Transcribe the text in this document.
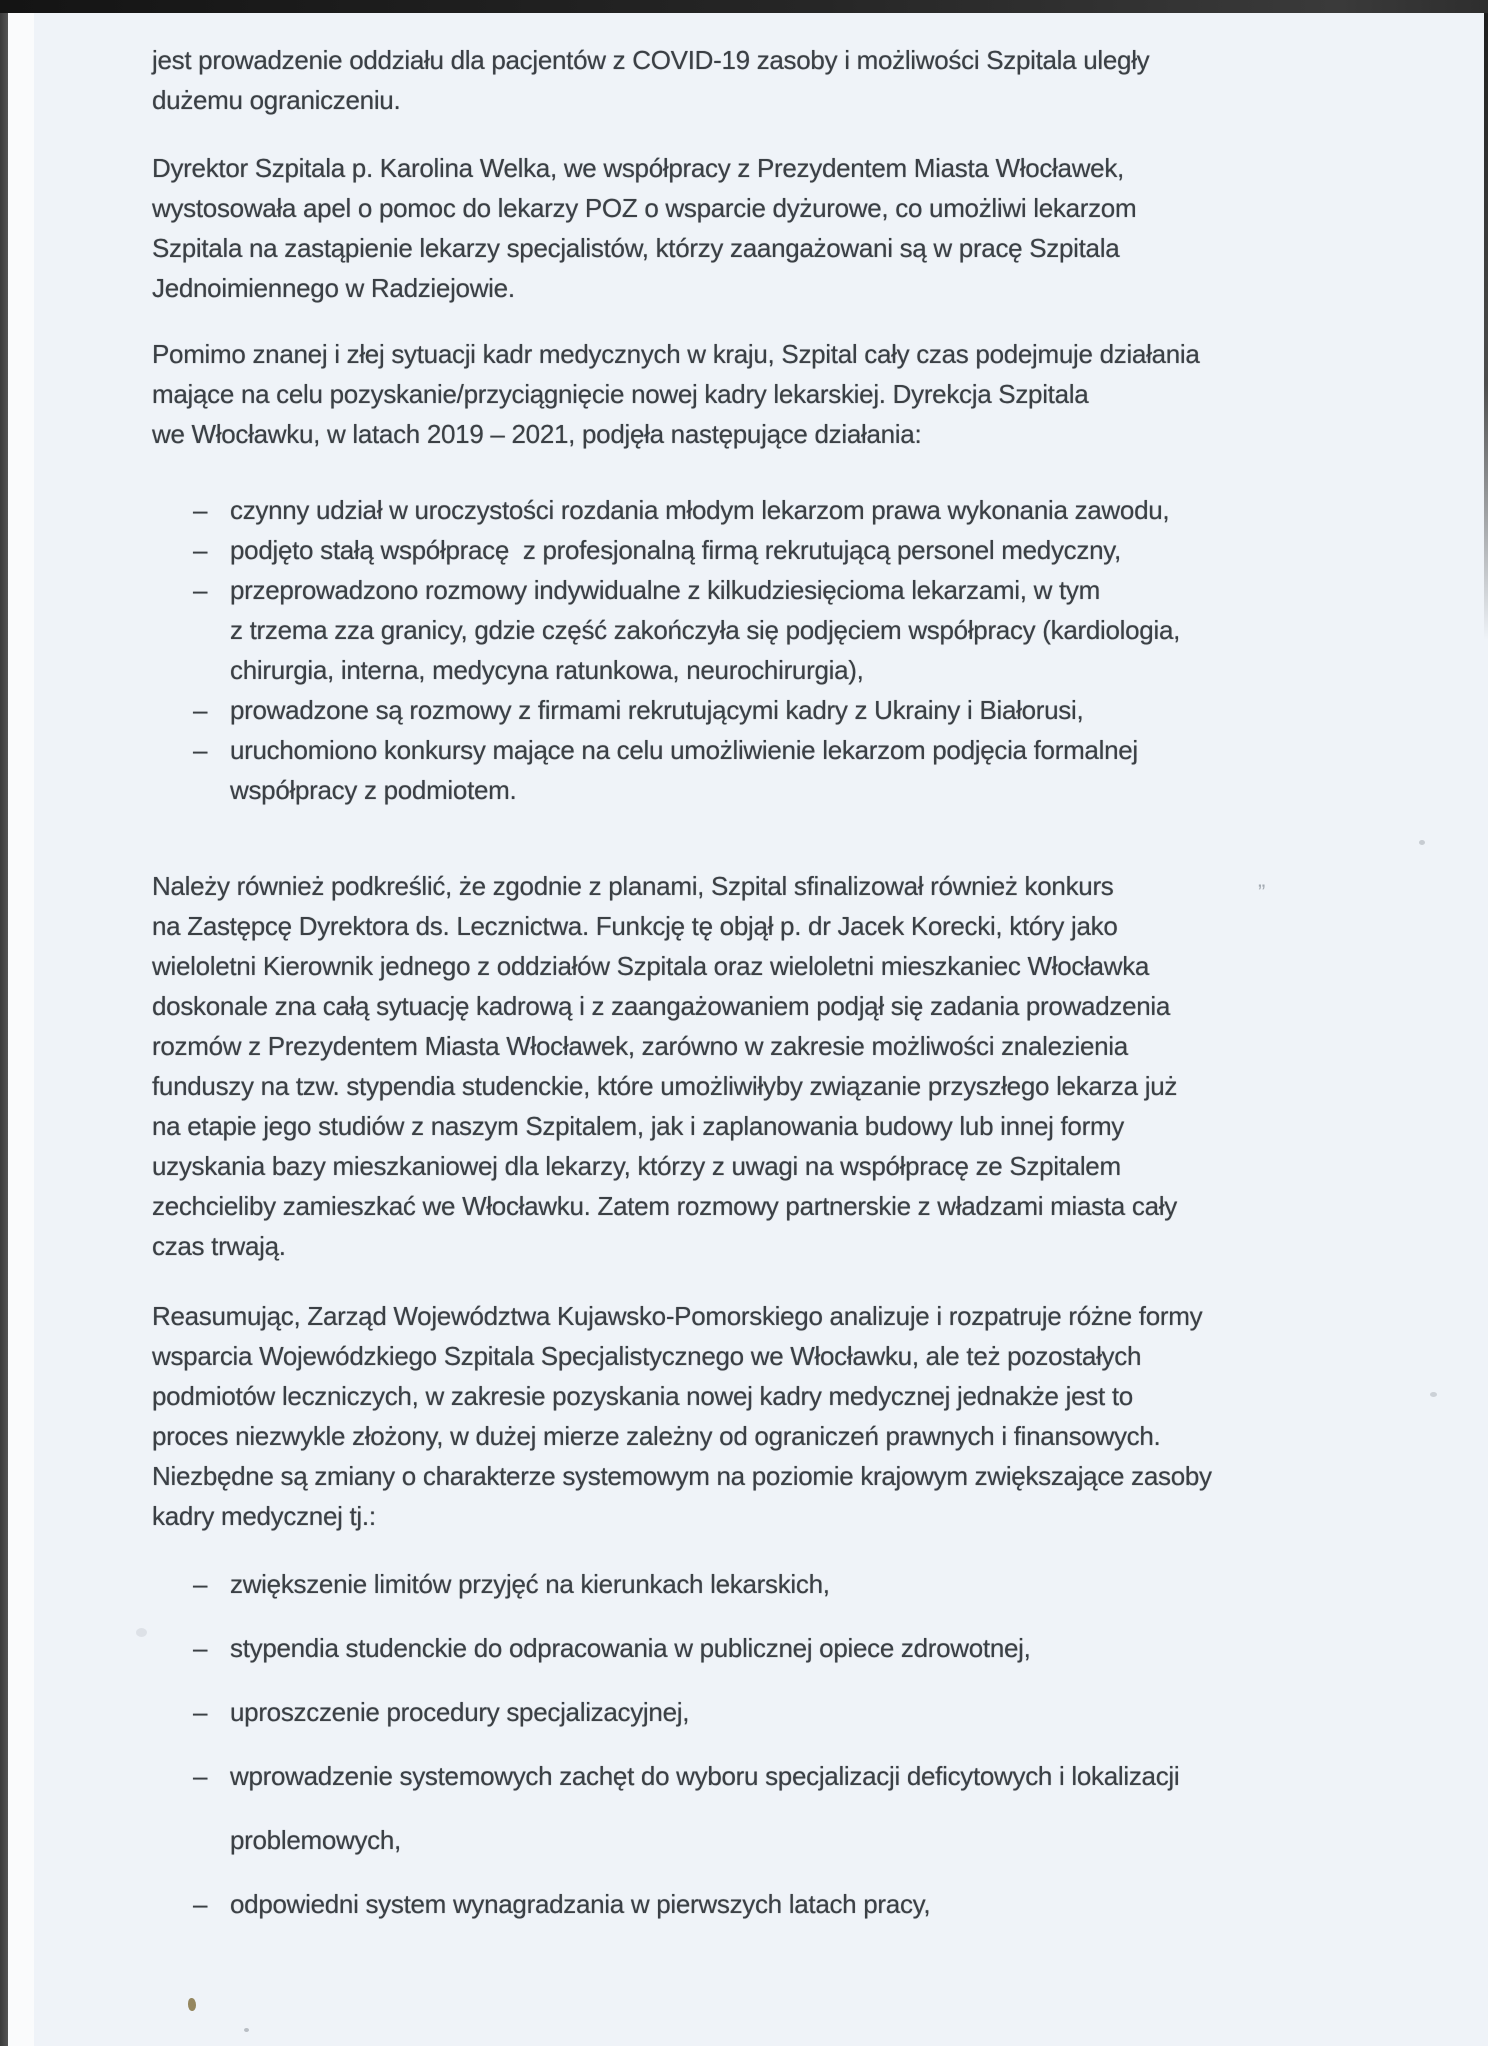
jest prowadzenie oddziału dla pacjentów z COVID-19 zasoby i możliwości Szpitala uległy
dużemu ograniczeniu.

Dyrektor Szpitala p. Karolina Welka, we współpracy z Prezydentem Miasta Włocławek,
wystosowała apel o pomoc do lekarzy POZ o wsparcie dyżurowe, co umożliwi lekarzom
Szpitala na zastąpienie lekarzy specjalistów, którzy zaangażowani są w pracę Szpitala
Jednoimiennego w Radziejowie.

Pomimo znanej i złej sytuacji kadr medycznych w kraju, Szpital cały czas podejmuje działania
mające na celu pozyskanie/przyciągnięcie nowej kadry lekarskiej. Dyrekcja Szpitala
we Włocławku, w latach 2019 – 2021, podjęła następujące działania:

– czynny udział w uroczystości rozdania młodym lekarzom prawa wykonania zawodu,
– podjęto stałą współpracę  z profesjonalną firmą rekrutującą personel medyczny,
– przeprowadzono rozmowy indywidualne z kilkudziesięcioma lekarzami, w tym
z trzema zza granicy, gdzie część zakończyła się podjęciem współpracy (kardiologia,
chirurgia, interna, medycyna ratunkowa, neurochirurgia),
– prowadzone są rozmowy z firmami rekrutującymi kadry z Ukrainy i Białorusi,
– uruchomiono konkursy mające na celu umożliwienie lekarzom podjęcia formalnej
współpracy z podmiotem.

Należy również podkreślić, że zgodnie z planami, Szpital sfinalizował również konkurs
na Zastępcę Dyrektora ds. Lecznictwa. Funkcję tę objął p. dr Jacek Korecki, który jako
wieloletni Kierownik jednego z oddziałów Szpitala oraz wieloletni mieszkaniec Włocławka
doskonale zna całą sytuację kadrową i z zaangażowaniem podjął się zadania prowadzenia
rozmów z Prezydentem Miasta Włocławek, zarówno w zakresie możliwości znalezienia
funduszy na tzw. stypendia studenckie, które umożliwiłyby związanie przyszłego lekarza już
na etapie jego studiów z naszym Szpitalem, jak i zaplanowania budowy lub innej formy
uzyskania bazy mieszkaniowej dla lekarzy, którzy z uwagi na współpracę ze Szpitalem
zechcieliby zamieszkać we Włocławku. Zatem rozmowy partnerskie z władzami miasta cały
czas trwają.

Reasumując, Zarząd Województwa Kujawsko-Pomorskiego analizuje i rozpatruje różne formy
wsparcia Wojewódzkiego Szpitala Specjalistycznego we Włocławku, ale też pozostałych
podmiotów leczniczych, w zakresie pozyskania nowej kadry medycznej jednakże jest to
proces niezwykle złożony, w dużej mierze zależny od ograniczeń prawnych i finansowych.
Niezbędne są zmiany o charakterze systemowym na poziomie krajowym zwiększające zasoby
kadry medycznej tj.:

– zwiększenie limitów przyjęć na kierunkach lekarskich,
– stypendia studenckie do odpracowania w publicznej opiece zdrowotnej,
– uproszczenie procedury specjalizacyjnej,
– wprowadzenie systemowych zachęt do wyboru specjalizacji deficytowych i lokalizacji
problemowych,
– odpowiedni system wynagradzania w pierwszych latach pracy,
”
